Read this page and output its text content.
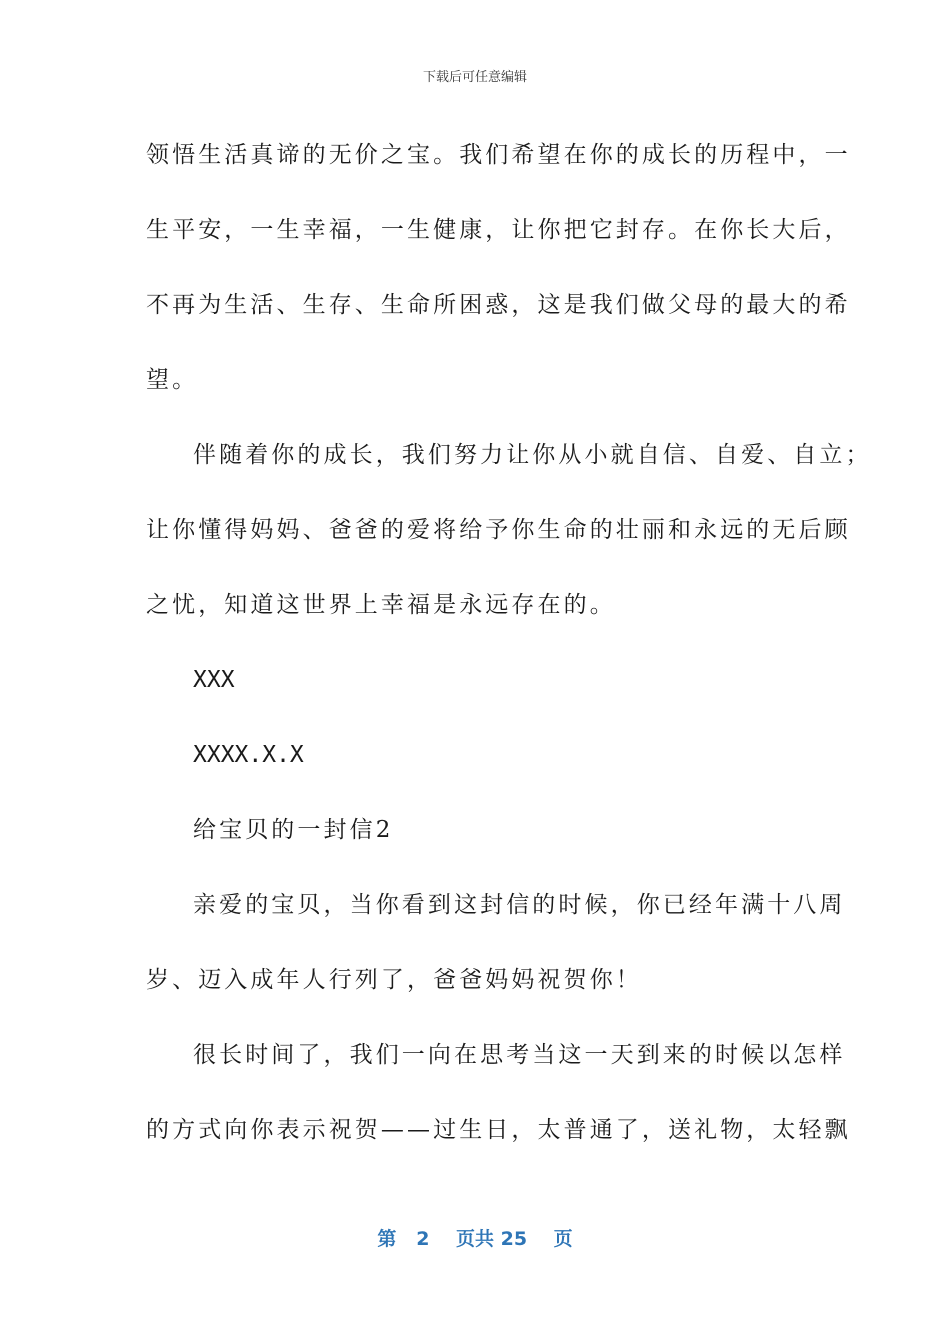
下载后可任意编辑
领悟生活真谛的无价之宝。我们希望在你的成长的历程中，一
生平安，一生幸福，一生健康，让你把它封存。在你长大后，
不再为生活、生存、生命所困惑，这是我们做父母的最大的希
望。
伴随着你的成长，我们努力让你从小就自信、自爱、自立；
让你懂得妈妈、爸爸的爱将给予你生命的壮丽和永远的无后顾
之忧，知道这世界上幸福是永远存在的。
XXX
XXXX.X.X
给宝贝的一封信2
亲爱的宝贝，当你看到这封信的时候，你已经年满十八周
岁、迈入成年人行列了，爸爸妈妈祝贺你！
很长时间了，我们一向在思考当这一天到来的时候以怎样
的方式向你表示祝贺——过生日，太普通了，送礼物，太轻飘
第 2 页共 25 页
